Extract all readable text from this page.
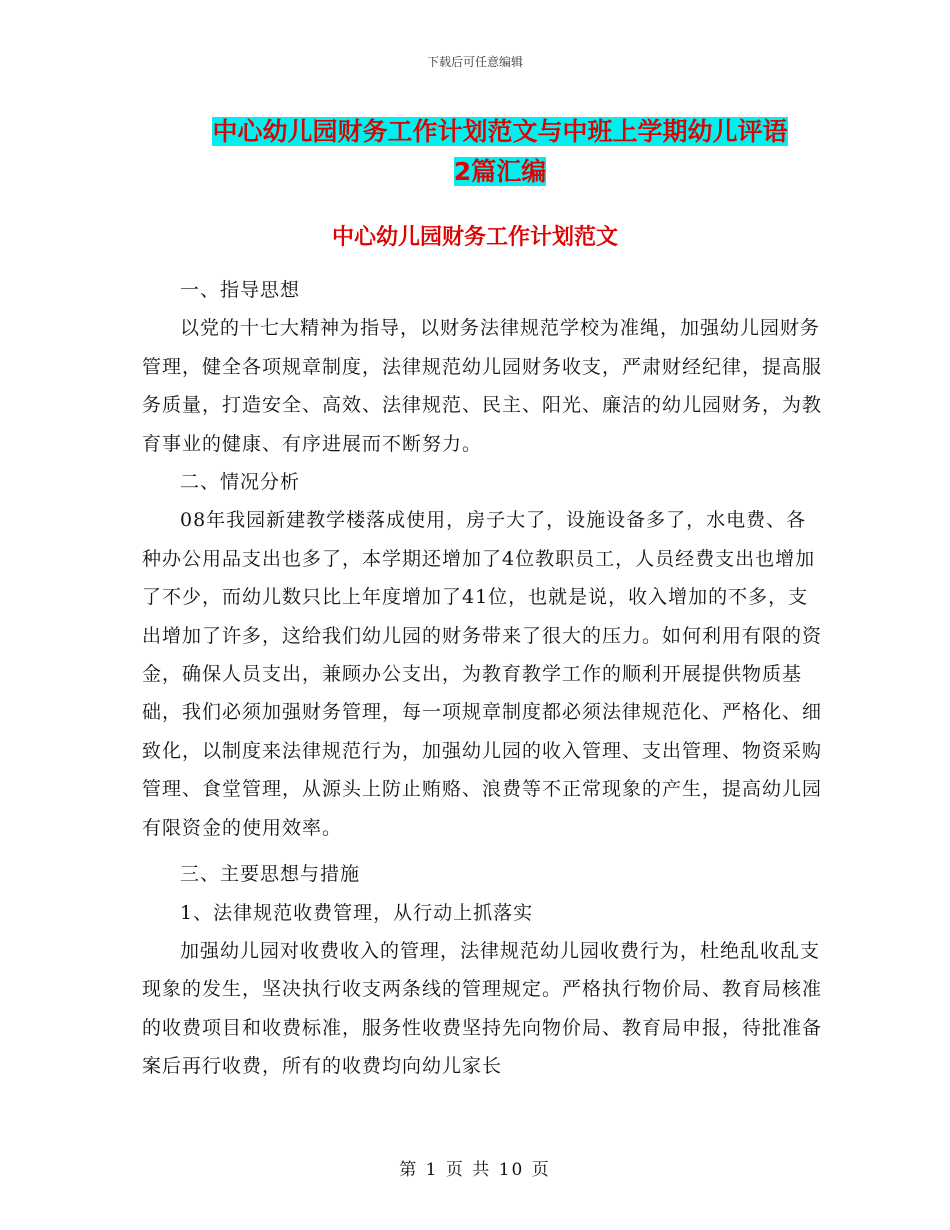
下载后可任意编辑
中心幼儿园财务工作计划范文与中班上学期幼儿评语
2篇汇编
中心幼儿园财务工作计划范文

一、指导思想

以党的十七大精神为指导，以财务法律规范学校为准绳，加强幼儿园财务管理，健全各项规章制度，法律规范幼儿园财务收支，严肃财经纪律，提高服务质量，打造安全、高效、法律规范、民主、阳光、廉洁的幼儿园财务，为教育事业的健康、有序进展而不断努力。

二、情况分析

08年我园新建教学楼落成使用，房子大了，设施设备多了，水电费、各种办公用品支出也多了，本学期还增加了4位教职员工，人员经费支出也增加了不少，而幼儿数只比上年度增加了41位，也就是说，收入增加的不多，支出增加了许多，这给我们幼儿园的财务带来了很大的压力。如何利用有限的资金，确保人员支出，兼顾办公支出，为教育教学工作的顺利开展提供物质基础，我们必须加强财务管理，每一项规章制度都必须法律规范化、严格化、细致化，以制度来法律规范行为，加强幼儿园的收入管理、支出管理、物资采购管理、食堂管理，从源头上防止贿赂、浪费等不正常现象的产生，提高幼儿园有限资金的使用效率。

三、主要思想与措施

1、法律规范收费管理，从行动上抓落实

加强幼儿园对收费收入的管理，法律规范幼儿园收费行为，杜绝乱收乱支现象的发生，坚决执行收支两条线的管理规定。严格执行物价局、教育局核准的收费项目和收费标准，服务性收费坚持先向物价局、教育局申报，待批准备案后再行收费，所有的收费均向幼儿家长

第 1 页 共 10 页
